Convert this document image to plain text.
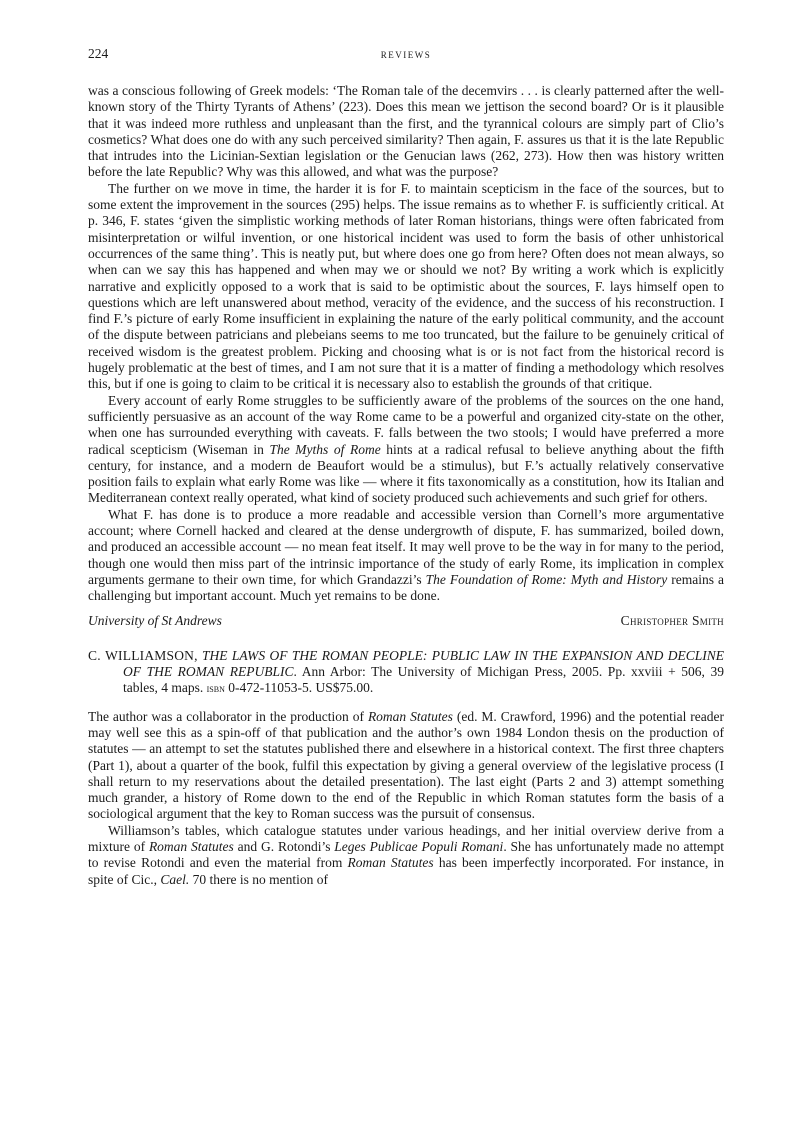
224	reviews

was a conscious following of Greek models: ‘The Roman tale of the decemvirs . . . is clearly patterned after the well-known story of the Thirty Tyrants of Athens’ (223). Does this mean we jettison the second board? Or is it plausible that it was indeed more ruthless and unpleasant than the first, and the tyrannical colours are simply part of Clio’s cosmetics? What does one do with any such perceived similarity? Then again, F. assures us that it is the late Republic that intrudes into the Licinian-Sextian legislation or the Genucian laws (262, 273). How then was history written before the late Republic? Why was this allowed, and what was the purpose?

The further on we move in time, the harder it is for F. to maintain scepticism in the face of the sources, but to some extent the improvement in the sources (295) helps. The issue remains as to whether F. is sufficiently critical. At p. 346, F. states ‘given the simplistic working methods of later Roman historians, things were often fabricated from misinterpretation or wilful invention, or one historical incident was used to form the basis of other unhistorical occurrences of the same thing’. This is neatly put, but where does one go from here? Often does not mean always, so when can we say this has happened and when may we or should we not? By writing a work which is explicitly narrative and explicitly opposed to a work that is said to be optimistic about the sources, F. lays himself open to questions which are left unanswered about method, veracity of the evidence, and the success of his reconstruction. I find F.’s picture of early Rome insufficient in explaining the nature of the early political community, and the account of the dispute between patricians and plebeians seems to me too truncated, but the failure to be genuinely critical of received wisdom is the greatest problem. Picking and choosing what is or is not fact from the historical record is hugely problematic at the best of times, and I am not sure that it is a matter of finding a methodology which resolves this, but if one is going to claim to be critical it is necessary also to establish the grounds of that critique.

Every account of early Rome struggles to be sufficiently aware of the problems of the sources on the one hand, sufficiently persuasive as an account of the way Rome came to be a powerful and organized city-state on the other, when one has surrounded everything with caveats. F. falls between the two stools; I would have preferred a more radical scepticism (Wiseman in The Myths of Rome hints at a radical refusal to believe anything about the fifth century, for instance, and a modern de Beaufort would be a stimulus), but F.’s actually relatively conservative position fails to explain what early Rome was like — where it fits taxonomically as a constitution, how its Italian and Mediterranean context really operated, what kind of society produced such achievements and such grief for others.

What F. has done is to produce a more readable and accessible version than Cornell’s more argumentative account; where Cornell hacked and cleared at the dense undergrowth of dispute, F. has summarized, boiled down, and produced an accessible account — no mean feat itself. It may well prove to be the way in for many to the period, though one would then miss part of the intrinsic importance of the study of early Rome, its implication in complex arguments germane to their own time, for which Grandazzi’s The Foundation of Rome: Myth and History remains a challenging but important account. Much yet remains to be done.

University of St Andrews	Christopher Smith
C. WILLIAMSON, THE LAWS OF THE ROMAN PEOPLE: PUBLIC LAW IN THE EXPANSION AND DECLINE OF THE ROMAN REPUBLIC. Ann Arbor: The University of Michigan Press, 2005. Pp. xxviii + 506, 39 tables, 4 maps. isbn 0-472-11053-5. US$75.00.

The author was a collaborator in the production of Roman Statutes (ed. M. Crawford, 1996) and the potential reader may well see this as a spin-off of that publication and the author’s own 1984 London thesis on the production of statutes — an attempt to set the statutes published there and elsewhere in a historical context. The first three chapters (Part 1), about a quarter of the book, fulfil this expectation by giving a general overview of the legislative process (I shall return to my reservations about the detailed presentation). The last eight (Parts 2 and 3) attempt something much grander, a history of Rome down to the end of the Republic in which Roman statutes form the basis of a sociological argument that the key to Roman success was the pursuit of consensus.

Williamson’s tables, which catalogue statutes under various headings, and her initial overview derive from a mixture of Roman Statutes and G. Rotondi’s Leges Publicae Populi Romani. She has unfortunately made no attempt to revise Rotondi and even the material from Roman Statutes has been imperfectly incorporated. For instance, in spite of Cic., Cael. 70 there is no mention of
